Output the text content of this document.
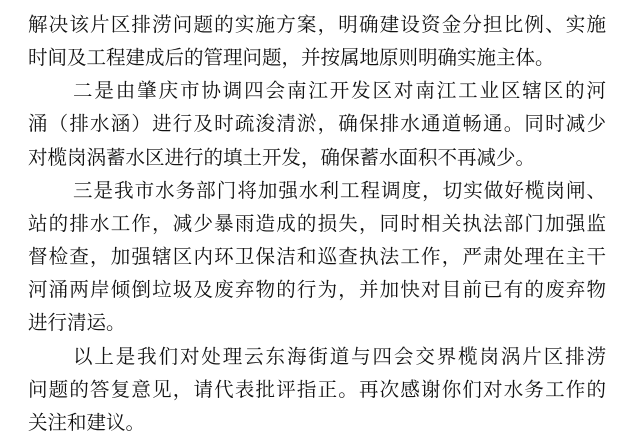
解决该片区排涝问题的实施方案，明确建设资金分担比例、实施
时间及工程建成后的管理问题，并按属地原则明确实施主体。
二是由肇庆市协调四会南江开发区对南江工业区辖区的河
涌（排水涵）进行及时疏浚清淤，确保排水通道畅通。同时减少
对榄岗涡蓄水区进行的填土开发，确保蓄水面积不再减少。
三是我市水务部门将加强水利工程调度，切实做好榄岗闸、
站的排水工作，减少暴雨造成的损失，同时相关执法部门加强监
督检查，加强辖区内环卫保洁和巡查执法工作，严肃处理在主干
河涌两岸倾倒垃圾及废弃物的行为，并加快对目前已有的废弃物
进行清运。
以上是我们对处理云东海街道与四会交界榄岗涡片区排涝
问题的答复意见，请代表批评指正。再次感谢你们对水务工作的
关注和建议。
